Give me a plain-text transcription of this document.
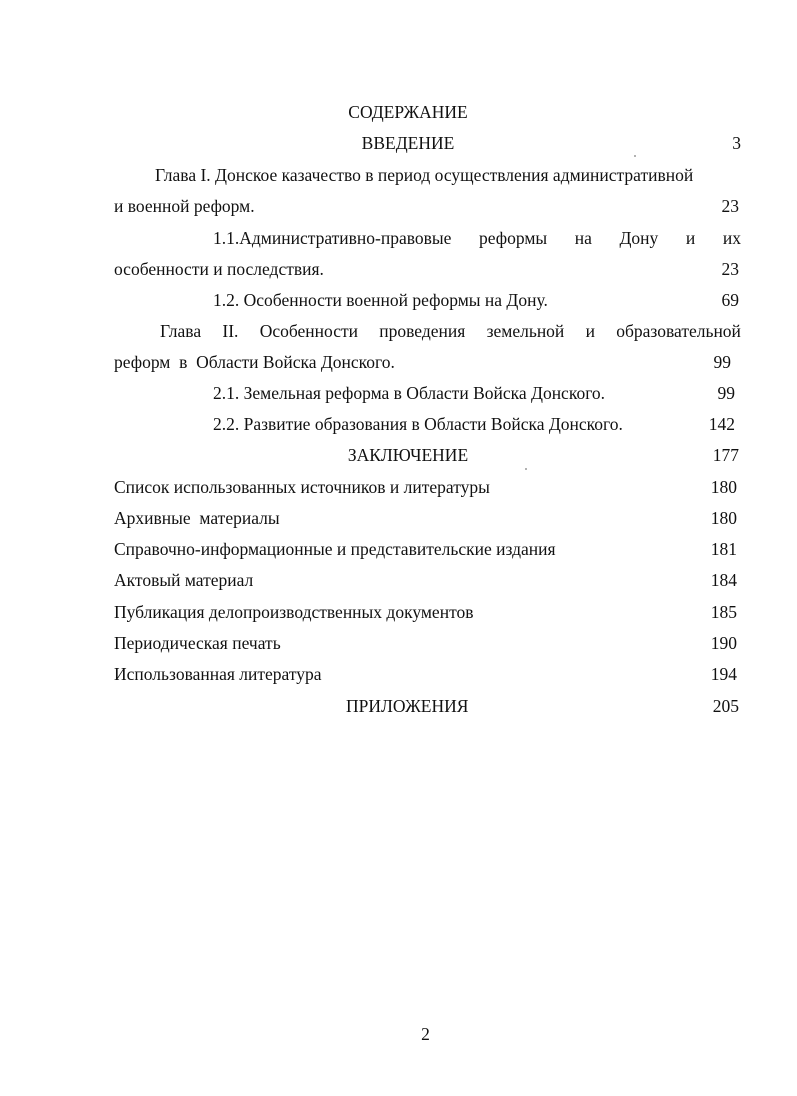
СОДЕРЖАНИЕ
ВВЕДЕНИЕ	3
Глава I. Донское казачество в период осуществления административной
и военной реформ.	23
1.1.Административно-правовые реформы на Дону и их
особенности и последствия.	23
1.2. Особенности военной реформы на Дону.	69
Глава II. Особенности проведения земельной и образовательной
реформ  в  Области Войска Донского.	99
2.1. Земельная реформа в Области Войска Донского.	99
2.2. Развитие образования в Области Войска Донского.	142
ЗАКЛЮЧЕНИЕ	177
Список использованных источников и литературы	180
Архивные  материалы	180
Справочно-информационные и представительские издания	181
Актовый материал	184
Публикация делопроизводственных документов	185
Периодическая печать	190
Использованная литература	194
ПРИЛОЖЕНИЯ	205
2
